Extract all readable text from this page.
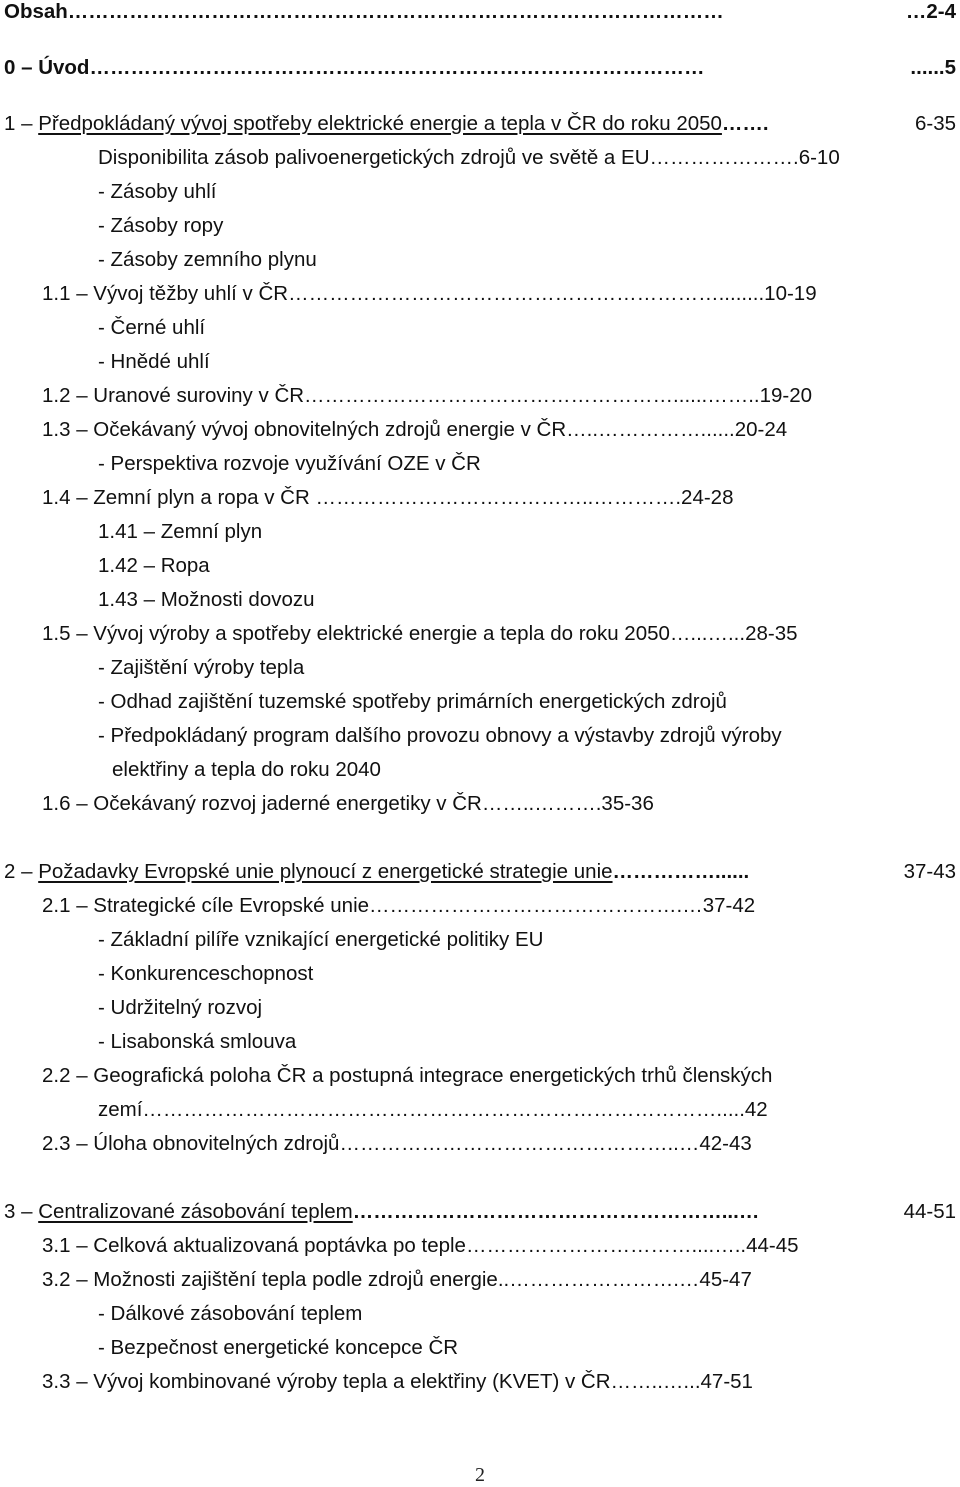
Obsah……………………………………………………………………………………	…2-4
0 – Úvod………………………………………………………………………………	......5
1 – Předpokládaný vývoj spotřeby elektrické energie a tepla v ČR do roku 2050…….	6-35
Disponibilita zásob palivoenergetických zdrojů ve světě a EU………………….6-10
- Zásoby uhlí
- Zásoby ropy
- Zásoby zemního plynu
1.1 – Vývoj těžby uhlí v ČR………………………………………………………........10-19
- Černé uhlí
- Hnědé uhlí
1.2 – Uranové suroviny v ČR………………………………………………......……..19-20
1.3 – Očekávaný vývoj obnovitelných zdrojů energie v ČR…..……………......20-24
- Perspektiva rozvoje využívání OZE v ČR
1.4 – Zemní plyn a ropa v ČR …………………………………..………….24-28
1.41 – Zemní plyn
1.42 – Ropa
1.43 – Možnosti dovozu
1.5 – Vývoj výroby a spotřeby elektrické energie a tepla do roku 2050…...…...28-35
- Zajištění výroby tepla
- Odhad zajištění tuzemské spotřeby primárních energetických zdrojů
- Předpokládaný program dalšího provozu obnovy a výstavby zdrojů výroby
elektřiny a tepla do roku 2040
1.6 – Očekávaný rozvoj jaderné energetiky v ČR……..……….35-36
2 – Požadavky Evropské unie plynoucí z energetické strategie unie……………......	37-43
2.1 – Strategické cíle Evropské unie……………………………………….…37-42
- Základní pilíře vznikající energetické politiky EU
- Konkurenceschopnost
- Udržitelný rozvoj
- Lisabonská smlouva
2.2 – Geografická poloha ČR a postupná integrace energetických trhů členských
zemí………………………………………………………………………….....42
2.3 – Úloha obnovitelných zdrojů…………………………………………..…42-43
3 – Centralizované zásobování teplem………………………………………………...…	44-51
3.1 – Celková aktualizovaná poptávka po teple……………………………....…..44-45
3.2 – Možnosti zajištění tepla podle zdrojů energie..…………………….…45-47
- Dálkové zásobování teplem
- Bezpečnost energetické koncepce ČR
3.3 – Vývoj kombinované výroby tepla a elektřiny (KVET) v ČR……..…...47-51
2
